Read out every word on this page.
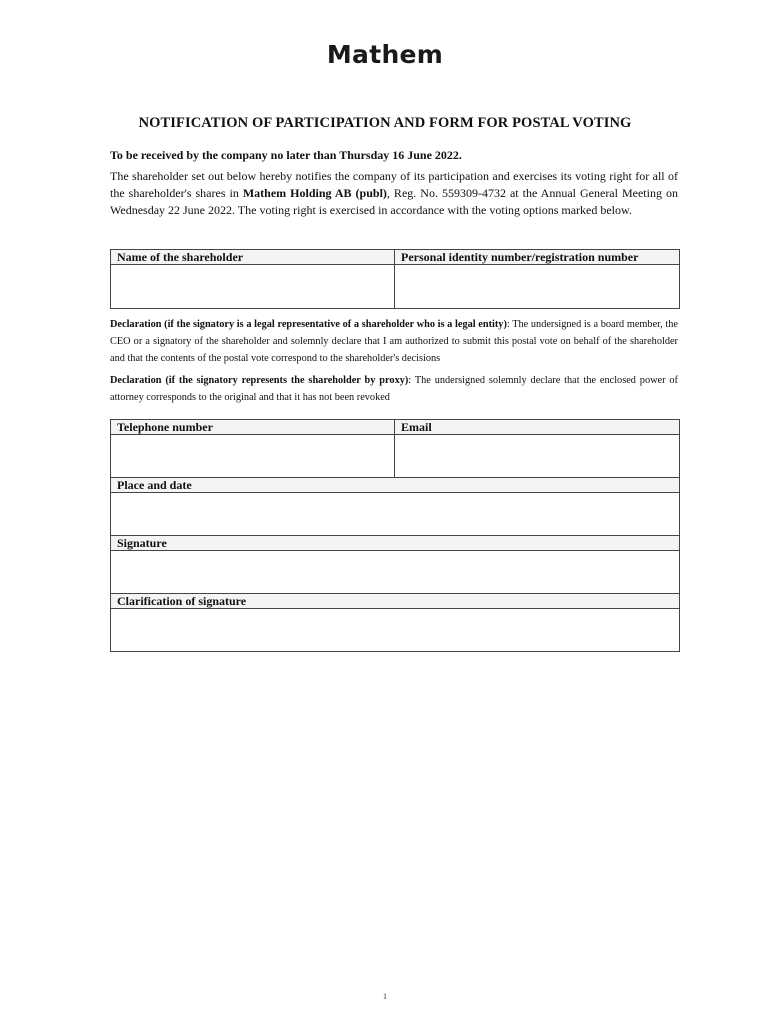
Mathem
NOTIFICATION OF PARTICIPATION AND FORM FOR POSTAL VOTING
To be received by the company no later than Thursday 16 June 2022.
The shareholder set out below hereby notifies the company of its participation and exercises its voting right for all of the shareholder's shares in Mathem Holding AB (publ), Reg. No. 559309-4732 at the Annual General Meeting on Wednesday 22 June 2022. The voting right is exercised in accordance with the voting options marked below.
Name of the shareholder	Personal identity number/registration number

Declaration (if the signatory is a legal representative of a shareholder who is a legal entity): The undersigned is a board member, the CEO or a signatory of the shareholder and solemnly declare that I am authorized to submit this postal vote on behalf of the shareholder and that the contents of the postal vote correspond to the shareholder's decisions
Declaration (if the signatory represents the shareholder by proxy): The undersigned solemnly declare that the enclosed power of attorney corresponds to the original and that it has not been revoked
Telephone number	Email

Place and date	

Signature	

Clarification of signature	

1
